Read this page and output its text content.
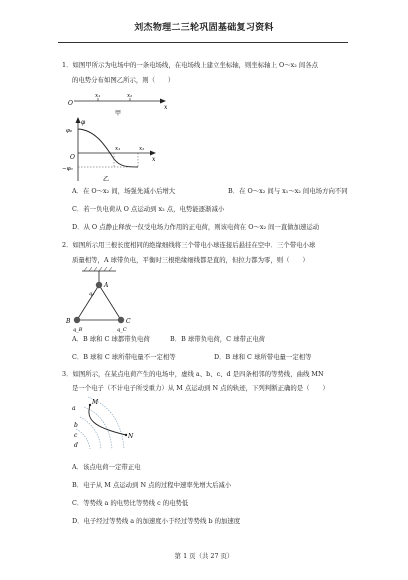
刘杰物理二三轮巩固基础复习资料
1．如图甲所示为电场中的一条电场线，在电场线上建立坐标轴，则坐标轴上 O～x₂ 间各点
的电势分布如图乙所示，则（　　）
O
x₁	x₂
x
甲
φ
φ₀
O
x₁	x₂
x
−φ₀
乙
A．在 O～x₂ 间，场强先减小后增大	B．在 O～x₂ 间与 x₁～x₂ 间电场方向不同
C．若一负电荷从 O 点运动到 x₂ 点，电势能逐渐减小
D．从 O 点静止释放一仅受电场力作用的正电荷，则该电荷在 O～x₂ 间一直做加速运动
2．如图所示用三根长度相同的绝缘细线将三个带电小球连接后悬挂在空中．三个带电小球
质量相等，A 球带负电，平衡时三根绝缘细线都是直的，但拉力都为零，则（　　）
A
qₐ
B
q_B
C
q_C
A．B 球和 C 球都带负电荷	B．B 球带负电荷，C 球带正电荷
C．B 球和 C 球所带电量不一定相等	D．B 球和 C 球所带电量一定相等
3．如图所示，在某点电荷产生的电场中，虚线 a、b、c、d 是四条相邻的等势线，曲线 MN
是一个电子（不计电子所受重力）从 M 点运动到 N 点的轨迹，下列判断正确的是（　　）
a
b
c
d
M
N
A．该点电荷一定带正电
B．电子从 M 点运动到 N 点的过程中速率先增大后减小
C．等势线 a 的电势比等势线 c 的电势低
D．电子经过等势线 a 的加速度小于经过等势线 b 的加速度
第 1 页（共 27 页）
